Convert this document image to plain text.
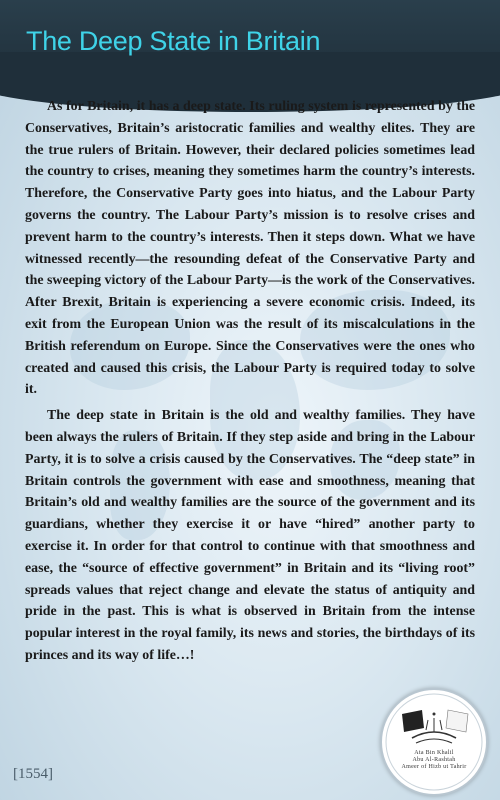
The Deep State in Britain

As for Britain, it has a deep state. Its ruling system is represented by the Conservatives, Britain’s aristocratic families and wealthy elites. They are the true rulers of Britain. However, their declared policies sometimes lead the country to crises, meaning they sometimes harm the country’s interests. Therefore, the Conservative Party goes into hiatus, and the Labour Party governs the country. The Labour Party’s mission is to resolve crises and prevent harm to the country’s interests. Then it steps down. What we have witnessed recently—the resounding defeat of the Conservative Party and the sweeping victory of the Labour Party—is the work of the Conservatives. After Brexit, Britain is experiencing a severe economic crisis. Indeed, its exit from the European Union was the result of its miscalculations in the British referendum on Europe. Since the Conservatives were the ones who created and caused this crisis, the Labour Party is required today to solve it.

The deep state in Britain is the old and wealthy families. They have been always the rulers of Britain. If they step aside and bring in the Labour Party, it is to solve a crisis caused by the Conservatives. The “deep state” in Britain controls the government with ease and smoothness, meaning that Britain’s old and wealthy families are the source of the government and its guardians, whether they exercise it or have “hired” another party to exercise it. In order for that control to continue with that smoothness and ease, the “source of effective government” in Britain and its “living root” spreads values that reject change and elevate the status of antiquity and pride in the past. This is what is observed in Britain from the intense popular interest in the royal family, its news and stories, the birthdays of its princes and its way of life…!

[1554]
Ata Bin Khalil
Abu Al-Rashtah
Ameer of Hizb ut Tahrir
